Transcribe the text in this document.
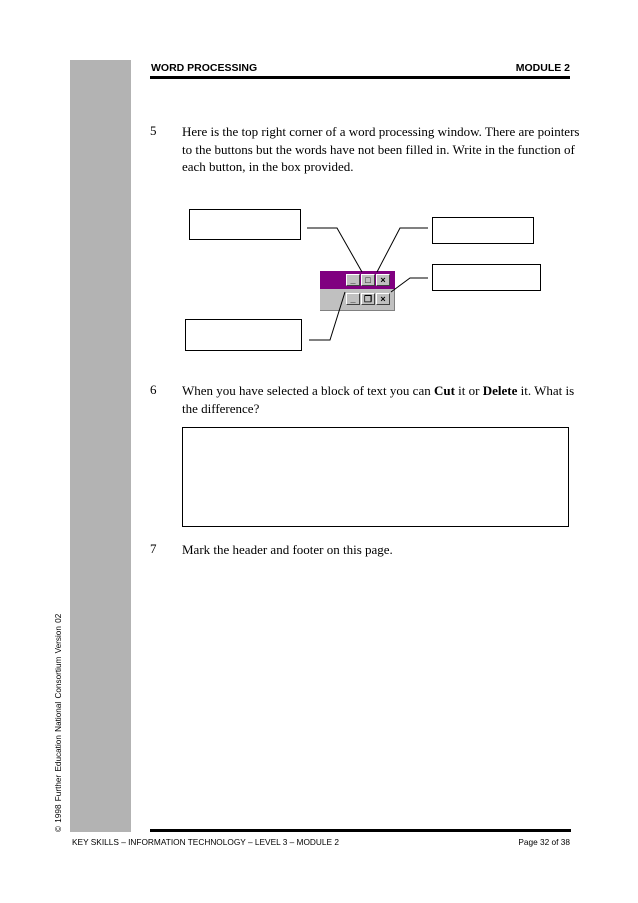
© 1998 Further Education National Consortium Version 02
WORD PROCESSING	MODULE 2
5 Here is the top right corner of a word processing window. There are pointers to the buttons but the words have not been filled in. Write in the function of each button, in the box provided.
_	□	×
_ ❐ ×
6 When you have selected a block of text you can Cut it or Delete it. What is the difference?
7 Mark the header and footer on this page.
KEY SKILLS – INFORMATION TECHNOLOGY – LEVEL 3 – MODULE 2	Page 32 of 38
